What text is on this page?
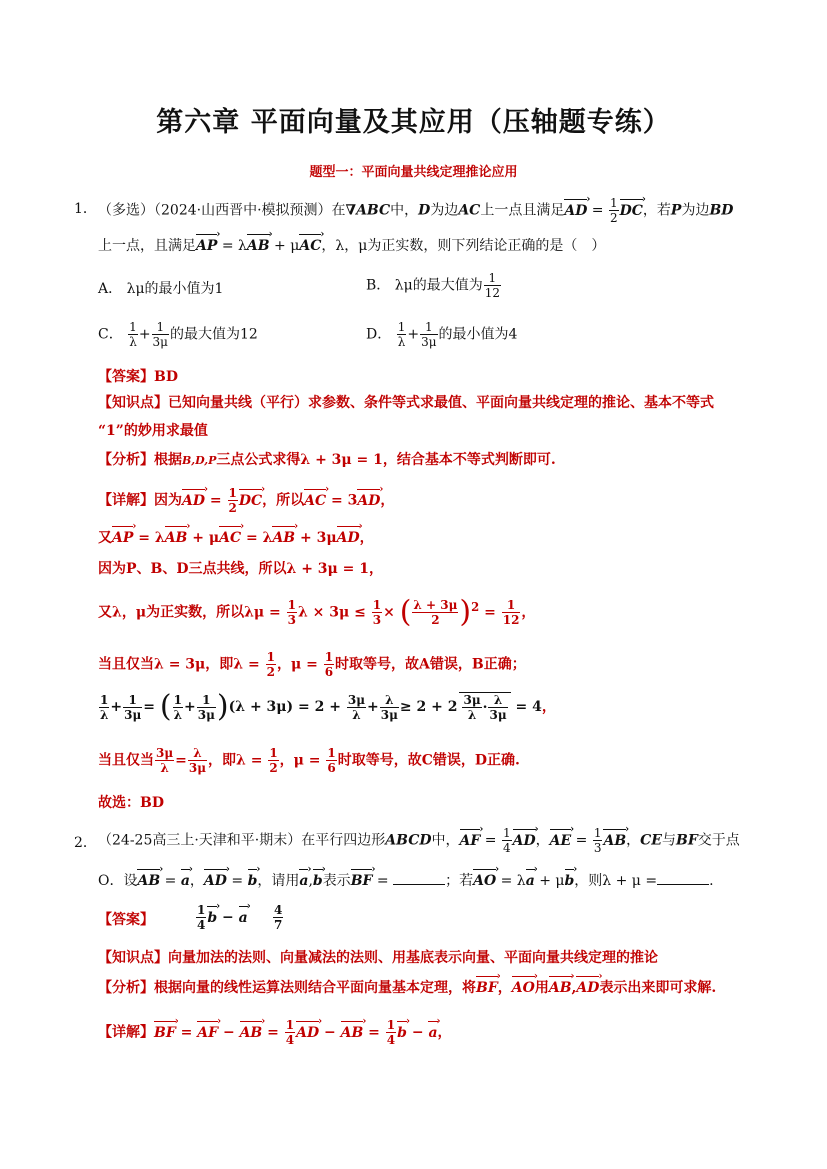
第六章 平面向量及其应用（压轴题专练）
题型一：平面向量共线定理推论应用
1． （多选）（2024·山西晋中·模拟预测）在∇ABC中，D为边AC上一点且满足AD › = $\frac{1}{2}$ DC ›，若P为边BD
上一点，且满足AP › = λAB › + μAC ›，λ，μ为正实数，则下列结论正确的是（　）
A． λμ的最小值为1	B． λμ的最大值为 $\frac{1}{12}$
C． $\frac{1}{\lambda} + \frac{1}{3\mu}$ 的最大值为12	D． $\frac{1}{\lambda} + \frac{1}{3\mu}$ 的最小值为4
【答案】BD
【知识点】已知向量共线（平行）求参数、条件等式求最值、平面向量共线定理的推论、基本不等式
“1”的妙用求最值
【分析】根据B,D,P三点公式求得λ + 3μ = 1，结合基本不等式判断即可.
【详解】因为AD › = $\frac{1}{2}$ DC ›，所以AC › = 3AD ›，
又AP › = λAB › + μAC › = λAB › + 3μAD ›，
因为P、B、D三点共线，所以λ + 3μ = 1，
又λ，μ为正实数，所以$\lambda\mu = \frac{1}{3}$ $\lambda \times 3\mu \le \frac{1}{3}$ × ( $\frac{\lambda + 3\mu}{2} )^2 = \frac{1}{12}$ ，
当且仅当λ = 3μ，即$\lambda = \frac{1}{2}$ ，$\mu = \frac{1}{6}$ 时取等号，故A错误，B正确；
$\frac{1}{\lambda} + \frac{1}{3\mu}$ = ( $\frac{1}{\lambda} + \frac{1}{3\mu} )(\lambda + 3\mu) = 2 + \frac{3\mu}{\lambda} + \frac{\lambda}{3\mu} \ge 2 + 2 \frac{3\mu}{\lambda} \cdot \frac{\lambda}{3\mu} = 4$，
当且仅当 $\frac{3\mu}{\lambda} = \frac{\lambda}{3\mu}$ ，即$\lambda = \frac{1}{2}$ ，$\mu = \frac{1}{6}$ 时取等号，故C错误，D正确.
故选：BD
2． （24-25高三上·天津和平·期末）在平行四边形ABCD中，AF › = $\frac{1}{4}$ AD ›，AE › = $\frac{1}{3}$ AB ›，CE与BF交于点
O．设AB › = a ›，AD › = b ›，请用a ›,b ›表示BF › =	；若AO › = λa › + μb ›，则λ + μ =	.
【答案】	$\frac{1}{4}$ b › − a › $\frac{4}{7}$
【知识点】向量加法的法则、向量减法的法则、用基底表示向量、平面向量共线定理的推论
【分析】根据向量的线性运算法则结合平面向量基本定理，将BF ›，AO ›用AB ›,AD ›表示出来即可求解.
【详解】BF › = AF › − AB › = $\frac{1}{4}$ AD › − AB › = $\frac{1}{4}$ b › − a ›，
